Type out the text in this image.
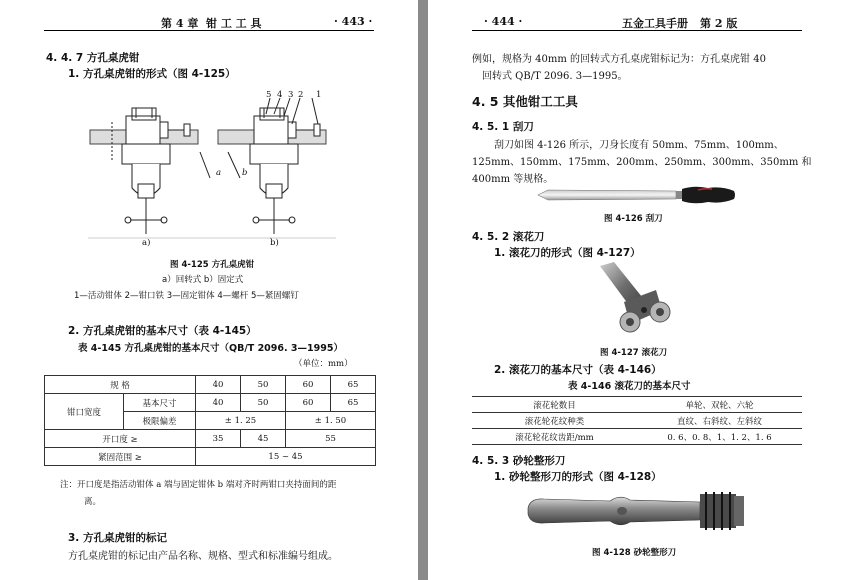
第 4 章 钳 工 工 具	· 443 ·
4. 4. 7 方孔桌虎钳
1. 方孔桌虎钳的形式（图 4-125）
a b
5 4 3 2 1
a)	b)
图 4-125 方孔桌虎钳
a）回转式 b）固定式
1—活动钳体 2—钳口铁 3—固定钳体 4—螺杆 5—紧固螺钉
2. 方孔桌虎钳的基本尺寸（表 4-145）
表 4-145 方孔桌虎钳的基本尺寸（QB/T 2096. 3—1995）
（单位：mm）
规 格		40	50	60	65
钳口宽度	基本尺寸	40	50	60	65
	极限偏差	± 1. 25		± 1. 50	
开口度 ≥		35	45	55	
紧固范围 ≥		15 ~ 45			
注：开口度是指活动钳体 a 端与固定钳体 b 端对齐时两钳口夹持面间的距
离。
3. 方孔桌虎钳的标记
方孔桌虎钳的标记由产品名称、规格、型式和标准编号组成。
· 444 ·	五金工具手册 第 2 版
例如，规格为 40mm 的回转式方孔桌虎钳标记为：方孔桌虎钳 40
回转式 QB/T 2096. 3—1995。
4. 5 其他钳工工具
4. 5. 1 刮刀
刮刀如图 4-126 所示，刀身长度有 50mm、75mm、100mm、
125mm、150mm、175mm、200mm、250mm、300mm、350mm 和
400mm 等规格。
图 4-126 刮刀
4. 5. 2 滚花刀
1. 滚花刀的形式（图 4-127）
图 4-127 滚花刀
2. 滚花刀的基本尺寸（表 4-146）
表 4-146 滚花刀的基本尺寸
滚花轮数目	单轮、双轮、六轮
滚花轮花纹种类	直纹、右斜纹、左斜纹
滚花轮花纹齿距/mm	0. 6、0. 8、1、1. 2、1. 6
4. 5. 3 砂轮整形刀
1. 砂轮整形刀的形式（图 4-128）
图 4-128 砂轮整形刀
